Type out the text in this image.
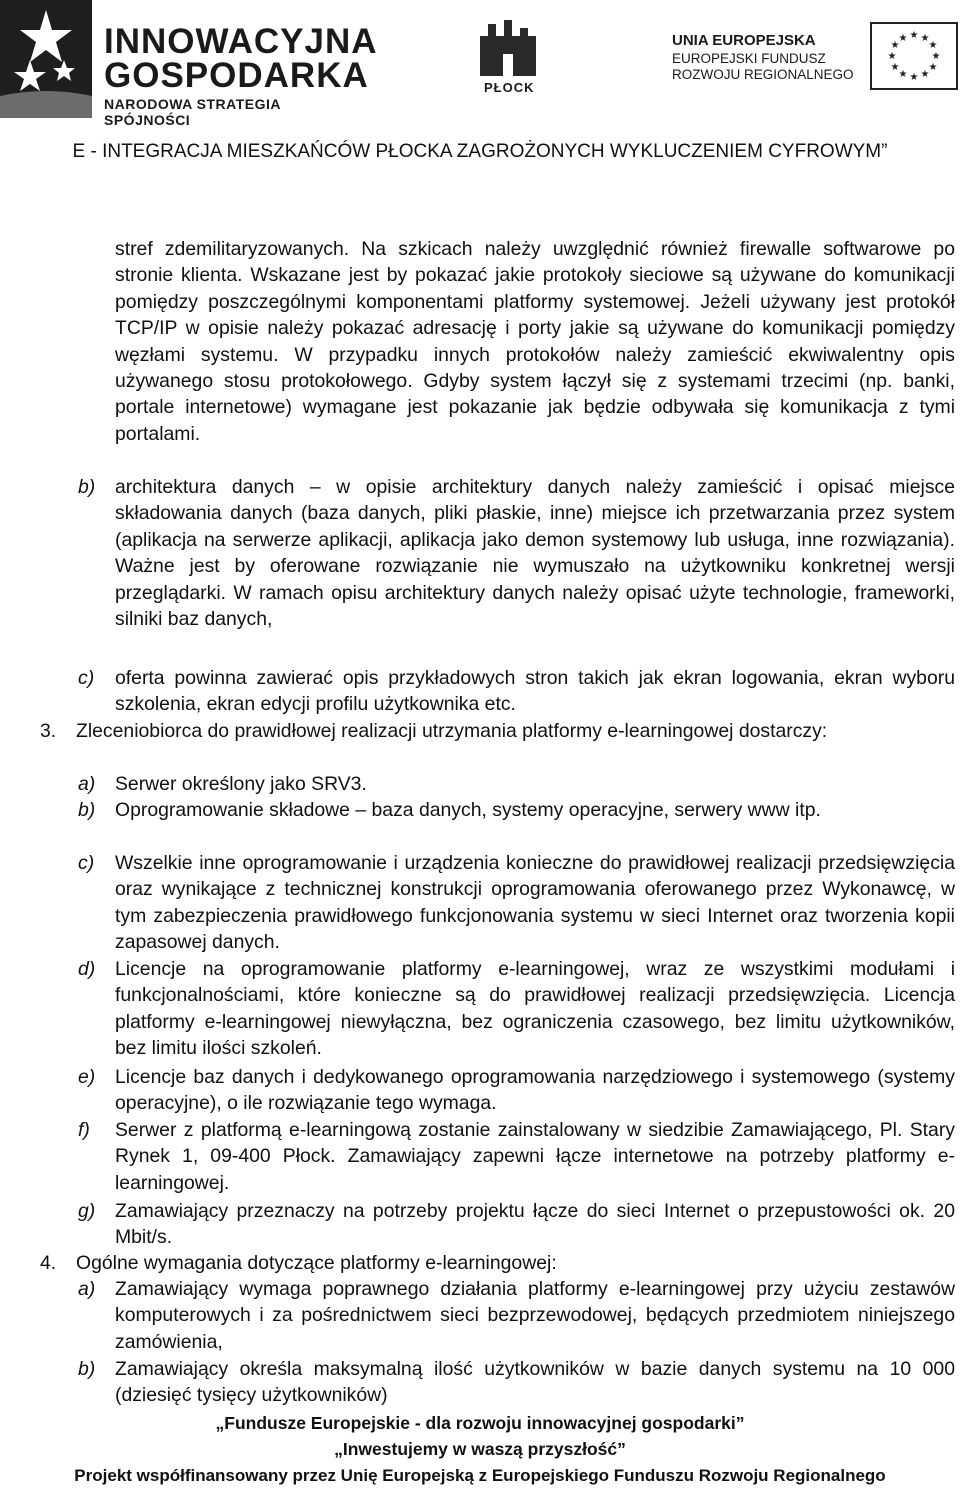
INNOWACYJNA
GOSPODARKA
NARODOWA STRATEGIA SPÓJNOŚCI
PŁOCK
UNIA EUROPEJSKA
EUROPEJSKI FUNDUSZ
ROZWOJU REGIONALNEGO
★ ★
★
★
★
★
★
★
★
★
★
★
E - INTEGRACJA MIESZKAŃCÓW PŁOCKA ZAGROŻONYCH WYKLUCZENIEM CYFROWYM”
stref zdemilitaryzowanych. Na szkicach należy uwzględnić również firewalle softwarowe po stronie klienta. Wskazane jest by pokazać jakie protokoły sieciowe są używane do komunikacji pomiędzy poszczególnymi komponentami platformy systemowej. Jeżeli używany jest protokół TCP/IP w opisie należy pokazać adresację i porty jakie są używane do komunikacji pomiędzy węzłami systemu. W przypadku innych protokołów należy zamieścić ekwiwalentny opis używanego stosu protokołowego. Gdyby system łączył się z systemami trzecimi (np. banki, portale internetowe) wymagane jest pokazanie jak będzie odbywała się komunikacja z tymi portalami.
b) architektura danych – w opisie architektury danych należy zamieścić i opisać miejsce składowania danych (baza danych, pliki płaskie, inne) miejsce ich przetwarzania przez system (aplikacja na serwerze aplikacji, aplikacja jako demon systemowy lub usługa, inne rozwiązania). Ważne jest by oferowane rozwiązanie nie wymuszało na użytkowniku konkretnej wersji przeglądarki. W ramach opisu architektury danych należy opisać użyte technologie, frameworki, silniki baz danych,
c) oferta powinna zawierać opis przykładowych stron takich jak ekran logowania, ekran wyboru szkolenia, ekran edycji profilu użytkownika etc.
3. Zleceniobiorca do prawidłowej realizacji utrzymania platformy e-learningowej dostarczy:
a) Serwer określony jako SRV3.
b) Oprogramowanie składowe – baza danych, systemy operacyjne, serwery www itp.
c) Wszelkie inne oprogramowanie i urządzenia konieczne do prawidłowej realizacji przedsięwzięcia oraz wynikające z technicznej konstrukcji oprogramowania oferowanego przez Wykonawcę, w tym zabezpieczenia prawidłowego funkcjonowania systemu w sieci Internet oraz tworzenia kopii zapasowej danych.
d) Licencje na oprogramowanie platformy e-learningowej, wraz ze wszystkimi modułami i funkcjonalnościami, które konieczne są do prawidłowej realizacji przedsięwzięcia. Licencja platformy e-learningowej niewyłączna, bez ograniczenia czasowego, bez limitu użytkowników, bez limitu ilości szkoleń.
e) Licencje baz danych i dedykowanego oprogramowania narzędziowego i systemowego (systemy operacyjne), o ile rozwiązanie tego wymaga.
f) Serwer z platformą e-learningową zostanie zainstalowany w siedzibie Zamawiającego, Pl. Stary Rynek 1, 09-400 Płock. Zamawiający zapewni łącze internetowe na potrzeby platformy e-learningowej.
g) Zamawiający przeznaczy na potrzeby projektu łącze do sieci Internet o przepustowości ok. 20 Mbit/s.
4. Ogólne wymagania dotyczące platformy e-learningowej:
a) Zamawiający wymaga poprawnego działania platformy e-learningowej przy użyciu zestawów komputerowych i za pośrednictwem sieci bezprzewodowej, będących przedmiotem niniejszego zamówienia,
b) Zamawiający określa maksymalną ilość użytkowników w bazie danych systemu na 10 000 (dziesięć tysięcy użytkowników)
„Fundusze Europejskie - dla rozwoju innowacyjnej gospodarki”
„Inwestujemy w waszą przyszłość”
Projekt współfinansowany przez Unię Europejską z Europejskiego Funduszu Rozwoju Regionalnego
